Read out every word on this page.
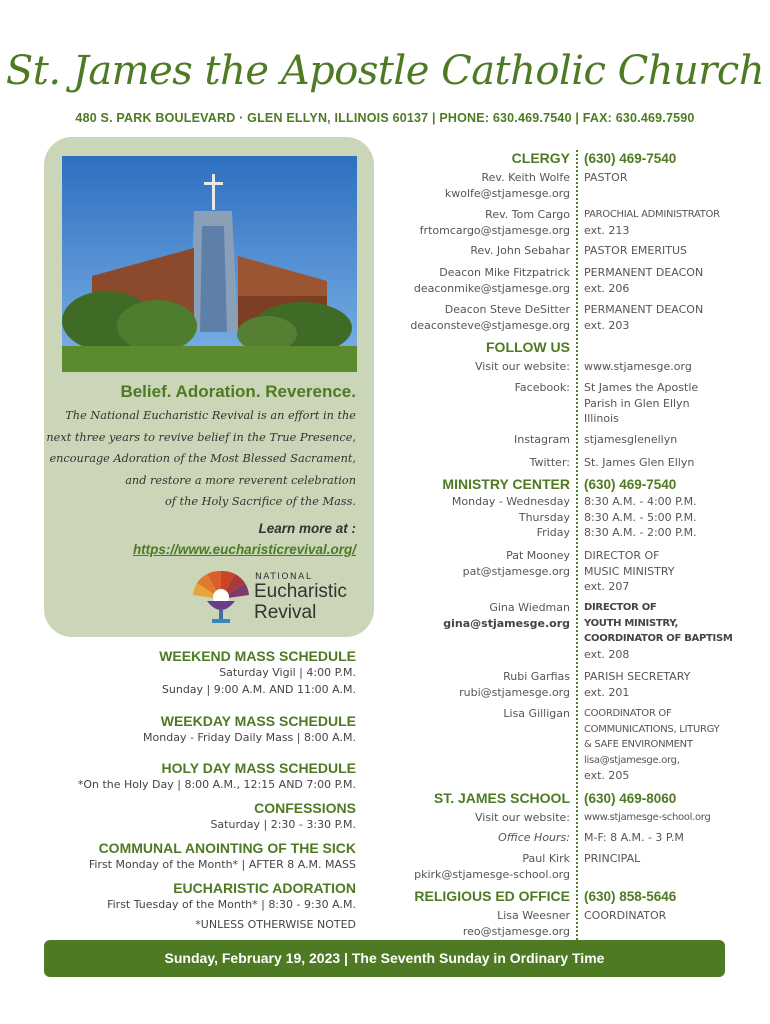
St. James the Apostle Catholic Church
480 S. PARK BOULEVARD · GLEN ELLYN, ILLINOIS 60137 | PHONE: 630.469.7540 | FAX: 630.469.7590
Belief. Adoration. Reverence.
The National Eucharistic Revival is an effort in the
next three years to revive belief in the True Presence,
encourage Adoration of the Most Blessed Sacrament,
and restore a more reverent celebration
of the Holy Sacrifice of the Mass.
Learn more at :
https://www.eucharisticrevival.org/
NATIONAL
Eucharistic
Revival
WEEKEND MASS SCHEDULE
Saturday Vigil | 4:00 P.M.
Sunday | 9:00 A.M. AND 11:00 A.M.
WEEKDAY MASS SCHEDULE
Monday - Friday Daily Mass | 8:00 A.M.
HOLY DAY MASS SCHEDULE
*On the Holy Day | 8:00 A.M., 12:15 AND 7:00 P.M.
CONFESSIONS
Saturday | 2:30 - 3:30 P.M.
COMMUNAL ANOINTING OF THE SICK
First Monday of the Month* | AFTER 8 A.M. MASS
EUCHARISTIC ADORATION
First Tuesday of the Month* | 8:30 - 9:30 A.M.
*UNLESS OTHERWISE NOTED
CLERGY (630) 469-7540
Rev. Keith Wolfe
kwolfe@stjamesge.org
PASTOR
Rev. Tom Cargo
frtomcargo@stjamesge.org
PAROCHIAL ADMINISTRATOR
ext. 213
Rev. John Sebahar PASTOR EMERITUS
Deacon Mike Fitzpatrick
deaconmike@stjamesge.org
PERMANENT DEACON
ext. 206
Deacon Steve DeSitter
deaconsteve@stjamesge.org
PERMANENT DEACON
ext. 203
FOLLOW US
Visit our website: www.stjamesge.org
Facebook: St James the Apostle
Parish in Glen Ellyn
Illinois
Instagram stjamesglenellyn
Twitter: St. James Glen Ellyn
MINISTRY CENTER (630) 469-7540
Monday - Wednesday
Thursday
Friday
8:30 A.M. - 4:00 P.M.
8:30 A.M. - 5:00 P.M.
8:30 A.M. - 2:00 P.M.
Pat Mooney
pat@stjamesge.org
DIRECTOR OF
MUSIC MINISTRY
ext. 207
Gina Wiedman
gina@stjamesge.org
DIRECTOR OF
YOUTH MINISTRY,
COORDINATOR OF BAPTISM
ext. 208
Rubi Garfias
rubi@stjamesge.org
PARISH SECRETARY
ext. 201
Lisa Gilligan COORDINATOR OF
COMMUNICATIONS, LITURGY
& SAFE ENVIRONMENT
lisa@stjamesge.org,
ext. 205
ST. JAMES SCHOOL (630) 469-8060
Visit our website: www.stjamesge-school.org
Office Hours: M-F: 8 A.M. - 3 P.M
Paul Kirk
pkirk@stjamesge-school.org
PRINCIPAL
RELIGIOUS ED OFFICE (630) 858-5646
Lisa Weesner
reo@stjamesge.org
COORDINATOR
Sunday, February 19, 2023 | The Seventh Sunday in Ordinary Time
